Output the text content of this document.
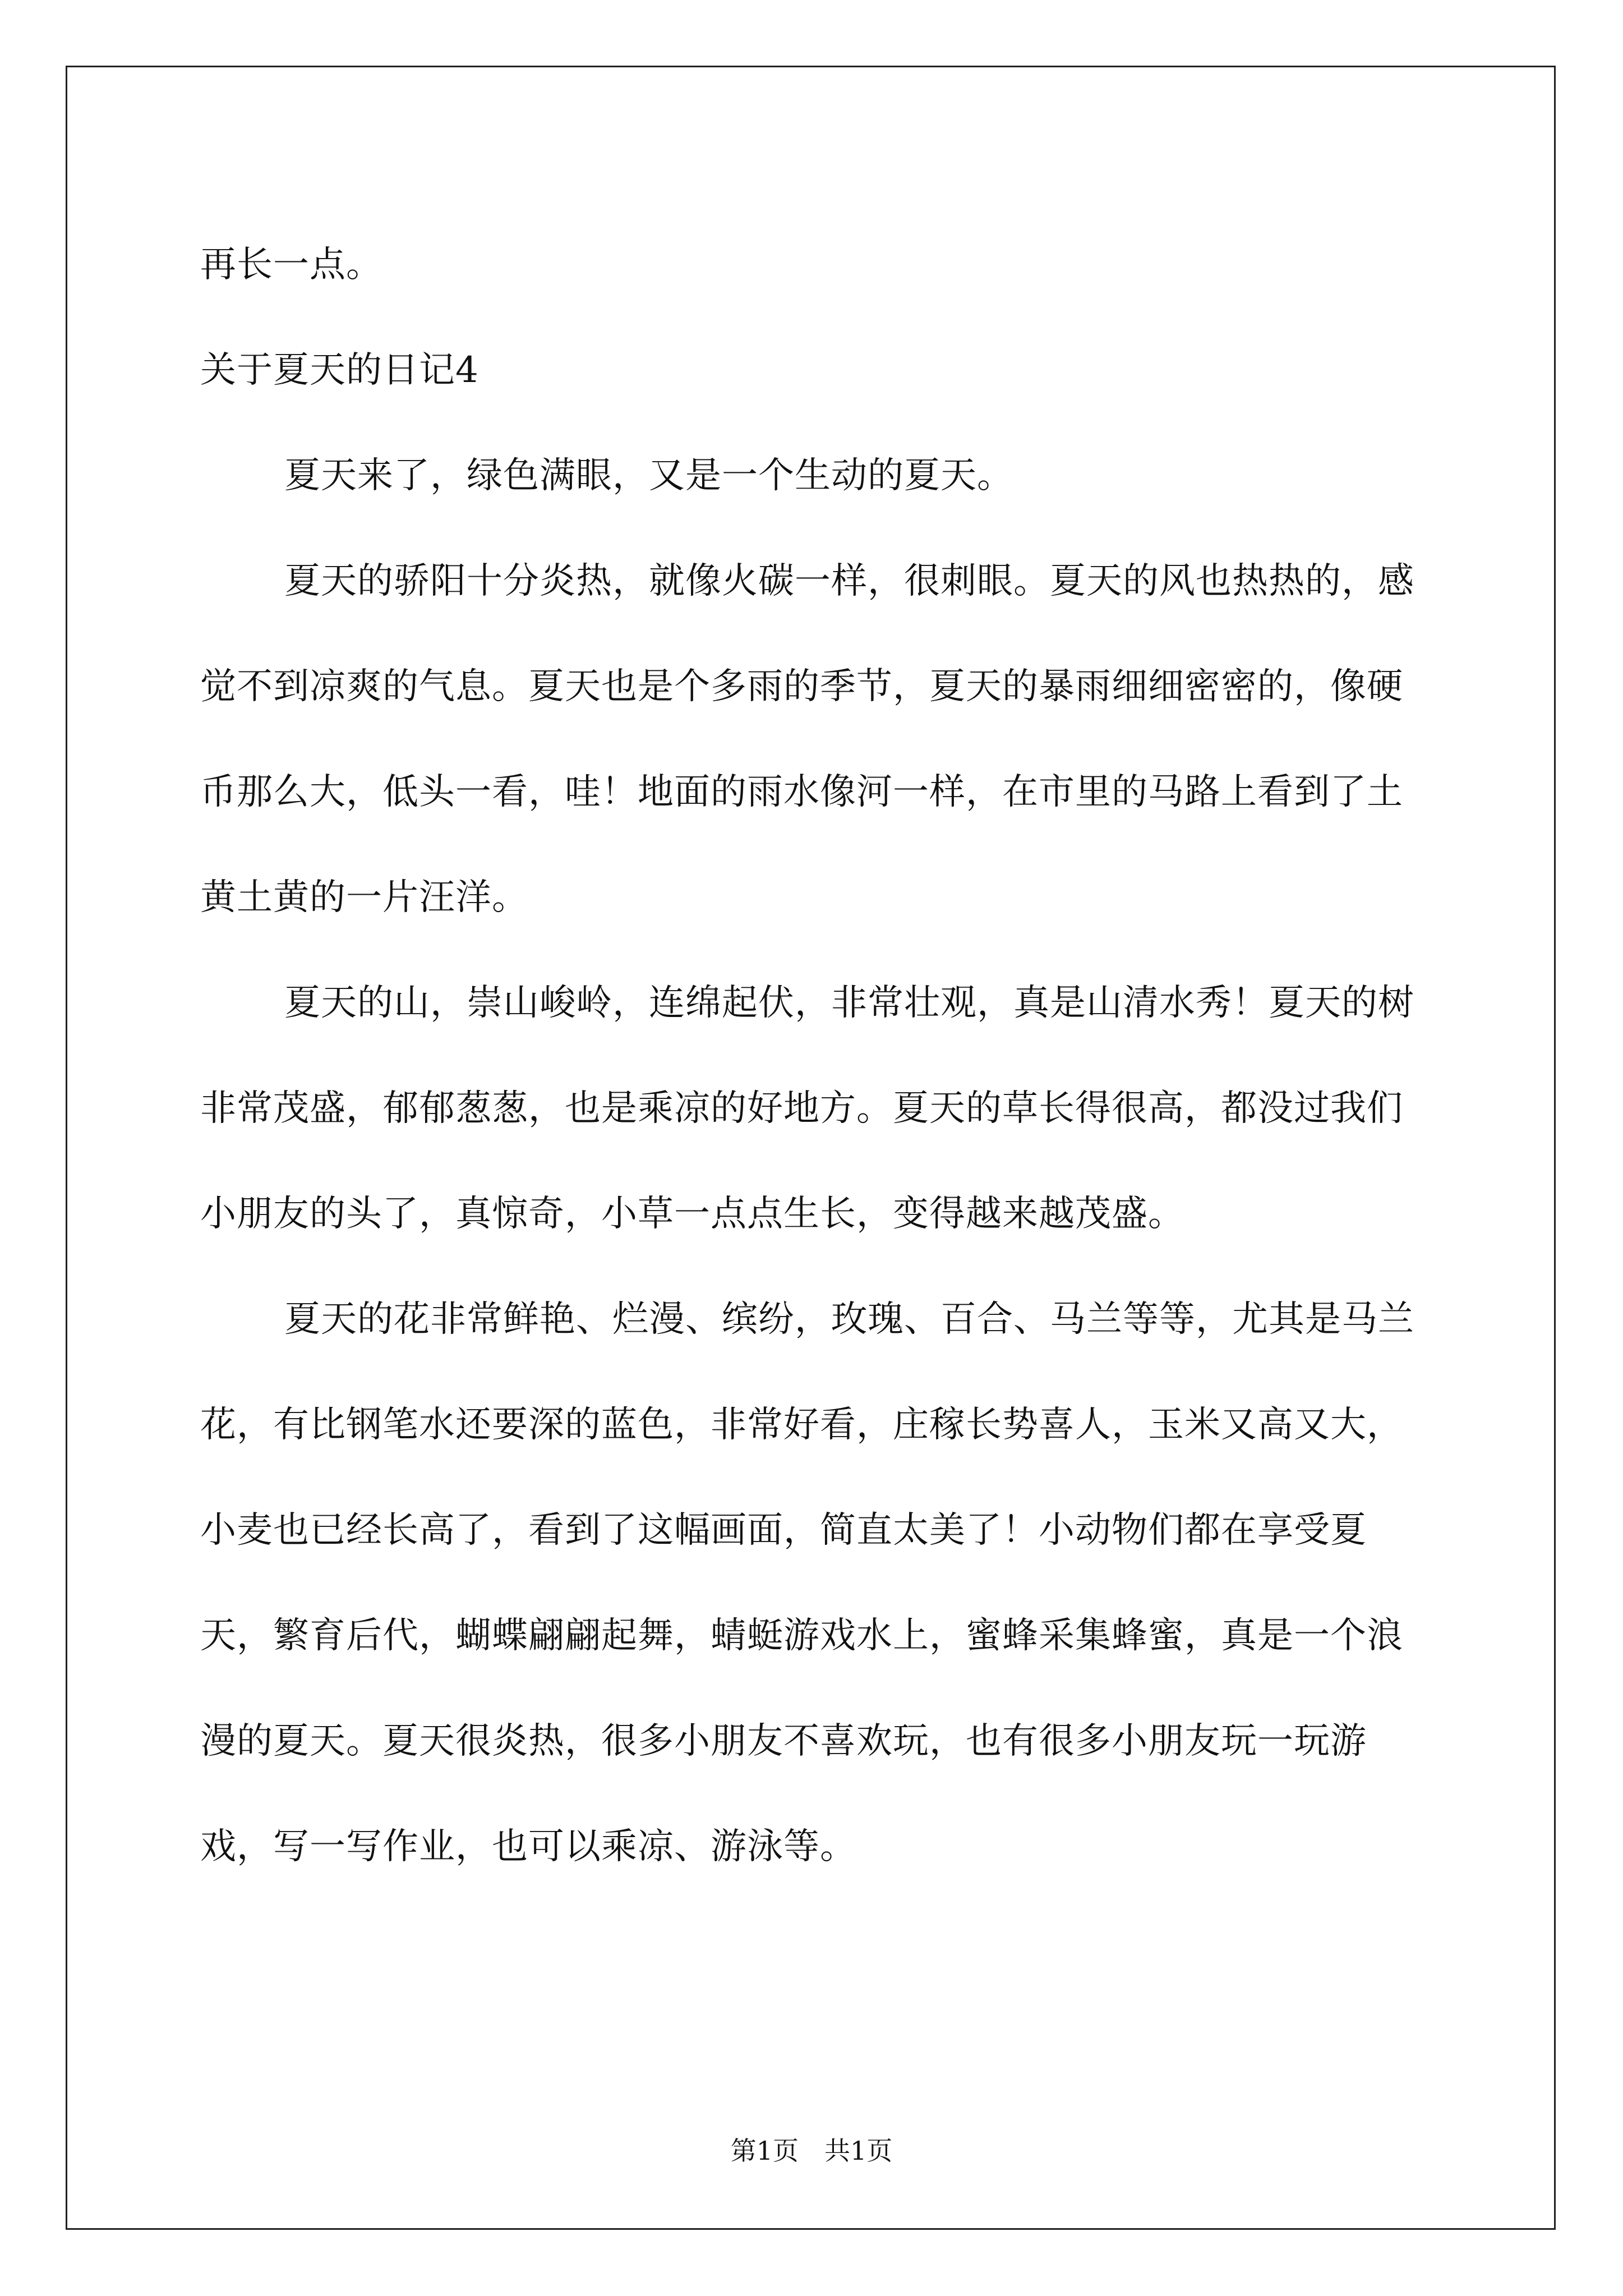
再长一点。

关于夏天的日记4

夏天来了，绿色满眼，又是一个生动的夏天。

夏天的骄阳十分炎热，就像火碳一样，很刺眼。夏天的风也热热的，感觉不到凉爽的气息。夏天也是个多雨的季节，夏天的暴雨细细密密的，像硬币那么大，低头一看，哇！地面的雨水像河一样，在市里的马路上看到了土黄土黄的一片汪洋。

夏天的山，崇山峻岭，连绵起伏，非常壮观，真是山清水秀！夏天的树非常茂盛，郁郁葱葱，也是乘凉的好地方。夏天的草长得很高，都没过我们小朋友的头了，真惊奇，小草一点点生长，变得越来越茂盛。

夏天的花非常鲜艳、烂漫、缤纷，玫瑰、百合、马兰等等，尤其是马兰花，有比钢笔水还要深的蓝色，非常好看，庄稼长势喜人，玉米又高又大，小麦也已经长高了，看到了这幅画面，简直太美了！小动物们都在享受夏天，繁育后代，蝴蝶翩翩起舞，蜻蜓游戏水上，蜜蜂采集蜂蜜，真是一个浪漫的夏天。夏天很炎热，很多小朋友不喜欢玩，也有很多小朋友玩一玩游戏，写一写作业，也可以乘凉、游泳等。

第1页　共1页
